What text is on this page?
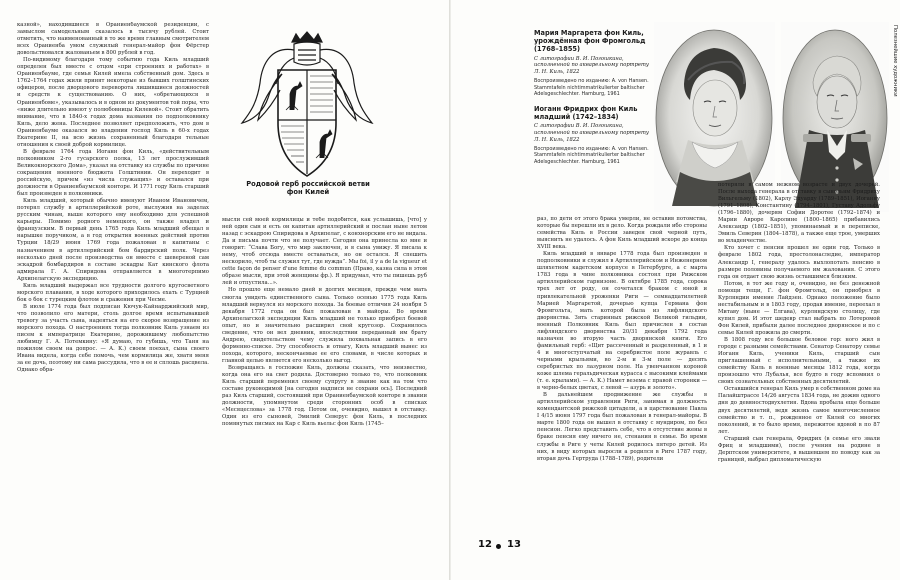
казной», находившиеся в Ораниенбаумской резиденции, с замыслом самодельным сказалось в тысячу рублей. Стоит отметить, что наименованный в то же время главным смотрителем всех Ораниенба умом служилый генерал-майор фон Фёрстер довольствовался жалованьем в 800 рублей в год.

По-видимому благодаря тому событию года Киль младший определен был вместе с отцом «при строениях и работах» в Ораниенбауме, где семья Килей имела собственный дом. Здесь в 1762–1764 годах жили принят некоторые из бывших голштинских офицеров, после дворцового переворота лишившиеся должностей и средств к существованию. О них, «обретающихся в Ораниенбоме», указывалось и в одном из документов той поры, что «ниже длительно имеют у полюбовницы Килевой». Стоит обратить внимание, что в 1840-х годах дома названия по подполковнику Киль, дело жена. Последнее позволяет предположить, что дом в Ораниенбауме оказался во владении господ Киль в 60-х годах Екатерине II, на всю жизнь сохраненный благодаря тельные отношения к своей доброй кормилице.

В феврале 1764 года Иоганн фон Киль, «действительным полковником 2-го гусарского полка, 13 лет прослуживший Великокнорского Дома», указал на отставку из службы по причине сокращения военного бюджета Голштинии. Он переходит в российскую, причем «из числа служащих» и оставался при должности в Ораниенбаумской конторе. И 1771 году Киль старший был произведен в полковники.

Киль младший, который обычно именуют Иваном Ивановичем, потерял службу в артиллерийской роте, выслужив на заделах русским чинам, выше которого ему необходимо для успешной карьеры. Помимо родного немецкого, он также владел и французским. В первый день 1765 года Киль младший обещал в нарышке поручиком, а в год открытия военных действий против Турции 18/29 июня 1769 года пожалован в капитаны с назначением в артиллерийский бом бардирский полк. Через несколько дней после производства он вместе с шевереной сам эскадрой бомбардиров в составе эскадры Кат кинского флота адмирала Г. А. Спиридова отправляется в многотерпимо Архипелагскую экспедицию.

Киль младший выдержал все трудности долгого кругосветного морского плавания, в ходе которого приходилось ехать с Турцией бок о бок с турецким флотом и сражения при Чесме.

В июле 1774 года был подписан Кючук-Кайнарджийский мир, что позволило его матери, столь долгое время испытывавшей тревогу за участь сына, надеяться на его скорое возвращение из морского похода. О настроениях тогда полковник Киль узнаем из писем к императрице Екатерине, дорожившему любопытство любимцу Г. А. Потемкину: «Я думаю, го губишь, что Таня на пожилом своем на допрос. — А. К.) своем поехал, сына своего Ивана видела, когда себе помочь, чем кормилица же, хватя меня за ее дочь, поэтому ни сама рассудила, что в ее и сплошь расцвела. Однако обра-

Родовой герб российской ветви фон Килей

мысли сей моей кормилицы и тебе подобится, как услышишь, [что] у ней один сын и есть он капитан артиллерийский и послан ныне летом назад с эскадрою Спиридова в Архипелаг, с конхнорским его не видала. Да и письма почти что не получает. Сегодня она принесла ко мне и говорит: “Слава Богу, что мир заключен, и я сына увижу. Я писала к нему, чтоб отсюда вместе оставаться, но он остался. Я спешить нескорило, чтоб ты служил тут, где нужда”. Мы foi, il y a de la vigueur et cette façon de penser d'une femme du commun (Право, казна сила в этом образе мысли, при этой женщины фр.). Я придумал, что ты пишешь руб лей и отпустила...».

Но прошло еще немало дней и долгих месяцев, прежде чем мать смогла увидеть единственного сына. Только осенью 1775 года Киль младший вернулся из морского похода. За боевые отличия 24 ноября 5 декабря 1772 года он был пожалован в майоры. Во время Архипелагской экспедиции Киль младший не только приобрел боевой опыт, но и значительно расширил свой кругозор. Сохранилось сведение, что он вел дневник, впоследствии переданный им брату Андрею, свидетельством чему служила похвальная запись в его форменно-списке. Эту способность и отвагу, Киль младший вынес из похода, которого, нескончаемые ее его словами, в числе которых и главной целью является его несколько выгод.

Возвращаясь в госпожие Киль, должны сказать, что неизвестно, когда она его на свет родила. Достоверно только то, что полковник Киль старший переменил своему супругу в звание как на том что составе руководимой [на сегодня надписи не сохрани ось]. Последний раз Киль старший, состоявший при Ораниенбаумской конторе в звании должности, упомянутом среди сторонних особ в списках «Месяцеслова» за 1778 год. Потом он, очевидно, вышел в отставку. Один из его сыновей, Эмилий Северус фон Киль, в последних помянутых писмах на Кар с Киль вьельс фон Киль (1745–

Мария Маргарета фон Киль, урождённая фон Фромгольд (1768–1855)

С литографии В. И. Погошкина, исполненной по акварельному портрету Л. Н. Киль, 1822

Воспроизведено по изданию: A. von Hansen. Stammtafeln nichtimmatrikulierter baltischer Adelsgeschlechter. Hamburg, 1961

Иоганн Фридрих фон Киль младший (1742–1834)

С литографии В. И. Погошкина, исполненной по акварельному портрету Л. Н. Киль, 1822

Воспроизведено по изданию: A. von Hansen. Stammtafeln nichtimmatrikulierter baltischer Adelsgeschlechter. Hamburg, 1961

Полезнейшие художники

раз, по дети от этого брака умерли, не оставив потомства, которые бы перешли их в дело. Когда рождали ибо стороны семейства Киль в России заведен свой черной путь, выяснить не удалось. А фон Киль младший вскоре до конца XVIII века.

Киль младший в январе 1778 года был произведен в подполковники и служил в Артиллерийском и Инженерном шляхетном кадетском корпусе в Петербурге, а с марта 1783 года в чине полковника состоял при Рижском артиллерийском гарнизоне. В октябре 1785 года, сорока трех лет от роду, он сочетался браком с юной и привлекательной уроженки Риги — семнадцатилетней Марией Маргаретой, дочерью купца Германа фон Фромгольта, мать которой была из лифляндского дворянства. Зять старинных рижской Великой гильдии, военный Полковник Киль был причислен в состав лифляндского дворянства 20/31 декабря 1792 года назначен во вторую часть дворянской книги. Его фамильный герб: «Щит рассеченный и разделенный, в 1 и 4 и многоступчатый на серебристое поле журавль с черными крыльями, во 2-м и 3-м поле — десять серебристых по лазурном поле. На увенчанном короной коже шлема геральдическая курасса с высокими клеймами (т. е. крылами). — А. К.) Намет везема с правой сторонки — в черно-белых цветах, с левой — азурь и золото».

В дальнейшем продвижение же службы в артиллерийском управлении Риги, занимая в должность комендантской рижской цитадели, а в царствование Павла I 4/15 июня 1797 года был пожалован в генерал-майоры. В марте 1800 года он вышел в отставку с мундиром, по без пенсион. Легко представить себе, что в отсутствие жены в браке пенсия ему ничего не, стенания в семье. Во время службы в Риге у четы Килей родилось пятеро детей. Из них, в виду которых выросли а родился в Риге 1787 году, вторая дочь Гертруда (1788–1789), родители

потеряли в самом нежном возрасте и двух дочерей. После выхода генерала в отставку в сыновьям Фридриху Вильгельму (1802), Карлу Эдуарду (1789–1851), Иоганну (1791–1808), Константину (1794–1801), Густаву Адольфу (1796–1880), дочерям Софии Доротее (1792–1874) и Марии Авроре Каролине (1800–1865) прибавились Александр (1802–1851), упоминаемый и в переписке, Эмиль Северин (1804–1878), а также еще трое, умерших во младенчестве.

Кто хочет с пенсии прошел не один год. Только в феврале 1802 года, престолонаследие, император Александр I, генералу удалось выхлопотать пенсию в размере половины получаемого им жалования. С этого года он отдает свою жизнь оставшимся близким.

Потом, в тот же году и, очевидно, не без денежной помощи тещи, Г. фон Фромгольд, он приобрел в Курляндии имение Лайдзен. Однако положение было нестабильным и в 1803 году, продав имение, переехал в Митаву (ныне — Елгава), курляндскую столицу, где купил дом. И этот шедевр стал выбрать по Лотеромой Фон Килей, прибыли далее последнее дворянское и по с семье Килей прожила до смерти.

В 1808 году все большое беловое гор: ного жил в городе с разными семействами. Сенатор Сенатору семье Иоганн Киль, ученики Киль, старший сын приглашенный с исполнительными, а также их семейству Киль в военные месяцы 1812 года, когда произошло что Лубалья, все будто в году вспомнил о своих сознательных собственных десятилетий.

Оставшийся генерал Киль умер в собственном доме на Палайштрассе 14/26 августа 1834 года, не дожив одного дня до девяностодвухлетия. Вдова пробыла еще больше двух десятилетий, ведя жизнь самое многочисленное семейство и т. п., рожденное от Килей со многих поколений, и то было время, пережитое вдовой в по 87 лет.

Старший сын генерала, Фридрих (в семье его звали Фриц и младшими), после учения на родине в Дерптском университете, в вышевшем по поводу как за границей, выбрал дипломатическую

12 13
